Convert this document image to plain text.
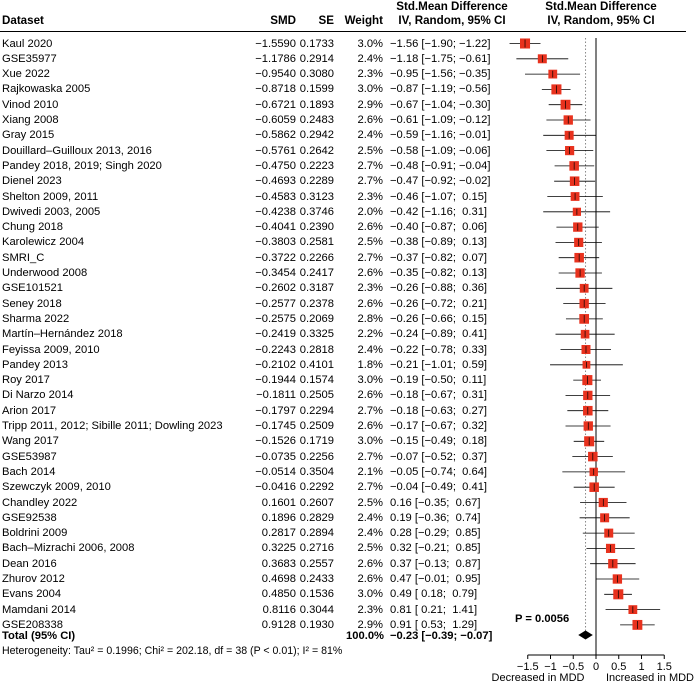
Dataset	SMD	SE Weight
Std.Mean Difference
IV, Random, 95% CI
Std.Mean Difference
IV, Random, 95% CI
Kaul 2020	−1.5590 0.1733	3.0% −1.56 [−1.90; −1.22]
GSE35977	−1.1786 0.2914	2.4% −1.18 [−1.75; −0.61]
Xue 2022	−0.9540 0.3080	2.3% −0.95 [−1.56; −0.35]
Rajkowaska 2005	−0.8718 0.1599	3.0% −0.87 [−1.19; −0.56]
Vinod 2010	−0.6721 0.1893	2.9% −0.67 [−1.04; −0.30]
Xiang 2008	−0.6059 0.2483	2.6% −0.61 [−1.09; −0.12]
Gray 2015	−0.5862 0.2942	2.4% −0.59 [−1.16; −0.01]
Douillard–Guilloux 2013, 2016	−0.5761 0.2642	2.5% −0.58 [−1.09; −0.06]
Pandey 2018, 2019; Singh 2020	−0.4750 0.2223	2.7% −0.48 [−0.91; −0.04]
Dienel 2023	−0.4693 0.2289	2.7% −0.47 [−0.92; −0.02]
Shelton 2009, 2011	−0.4583 0.3123	2.3% −0.46 [−1.07;  0.15]
Dwivedi 2003, 2005	−0.4238 0.3746	2.0% −0.42 [−1.16;  0.31]
Chung 2018	−0.4041 0.2390	2.6% −0.40 [−0.87;  0.06]
Karolewicz 2004	−0.3803 0.2581	2.5% −0.38 [−0.89;  0.13]
SMRI_C	−0.3722 0.2266	2.7% −0.37 [−0.82;  0.07]
Underwood 2008	−0.3454 0.2417	2.6% −0.35 [−0.82;  0.13]
GSE101521	−0.2602 0.3187	2.3% −0.26 [−0.88;  0.36]
Seney 2018	−0.2577 0.2378	2.6% −0.26 [−0.72;  0.21]
Sharma 2022	−0.2575 0.2069	2.8% −0.26 [−0.66;  0.15]
Martín–Hernández 2018	−0.2419 0.3325	2.2% −0.24 [−0.89;  0.41]
Feyissa 2009, 2010	−0.2243 0.2818	2.4% −0.22 [−0.78;  0.33]
Pandey 2013	−0.2102 0.4101	1.8% −0.21 [−1.01;  0.59]
Roy 2017	−0.1944 0.1574	3.0% −0.19 [−0.50;  0.11]
Di Narzo 2014	−0.1811 0.2505	2.6% −0.18 [−0.67;  0.31]
Arion 2017	−0.1797 0.2294	2.7% −0.18 [−0.63;  0.27]
Tripp 2011, 2012; Sibille 2011; Dowling 2023	−0.1745 0.2509	2.6% −0.17 [−0.67;  0.32]
Wang 2017	−0.1526 0.1719	3.0% −0.15 [−0.49;  0.18]
GSE53987	−0.0735 0.2256	2.7% −0.07 [−0.52;  0.37]
Bach 2014	−0.0514 0.3504	2.1% −0.05 [−0.74;  0.64]
Szewczyk 2009, 2010	−0.0416 0.2292	2.7% −0.04 [−0.49;  0.41]
Chandley 2022	0.1601 0.2607	2.5% 0.16 [−0.35;  0.67]
GSE92538	0.1896 0.2829	2.4% 0.19 [−0.36;  0.74]
Boldrini 2009	0.2817 0.2894	2.4% 0.28 [−0.29;  0.85]
Bach–Mizrachi 2006, 2008	0.3225 0.2716	2.5% 0.32 [−0.21;  0.85]
Dean 2016	0.3683 0.2557	2.6% 0.37 [−0.13;  0.87]
Zhurov 2012	0.4698 0.2433	2.6% 0.47 [−0.01;  0.95]
Evans 2004	0.4850 0.1536	3.0% 0.49 [ 0.18;  0.79]
Mamdani 2014	0.8116 0.3044	2.3% 0.81 [ 0.21;  1.41]
GSE208338	0.9128 0.1930	2.9% 0.91 [ 0.53;  1.29]
Total (95% CI)	100.0% −0.23 [−0.39; −0.07]
P = 0.0056
Heterogeneity: Tau² = 0.1996; Chi² = 202.18, df = 38 (P < 0.01); I² = 81%
−1.5 −1 −0.5 0 0.5 1 1.5
Decreased in MDD Increased in MDD
